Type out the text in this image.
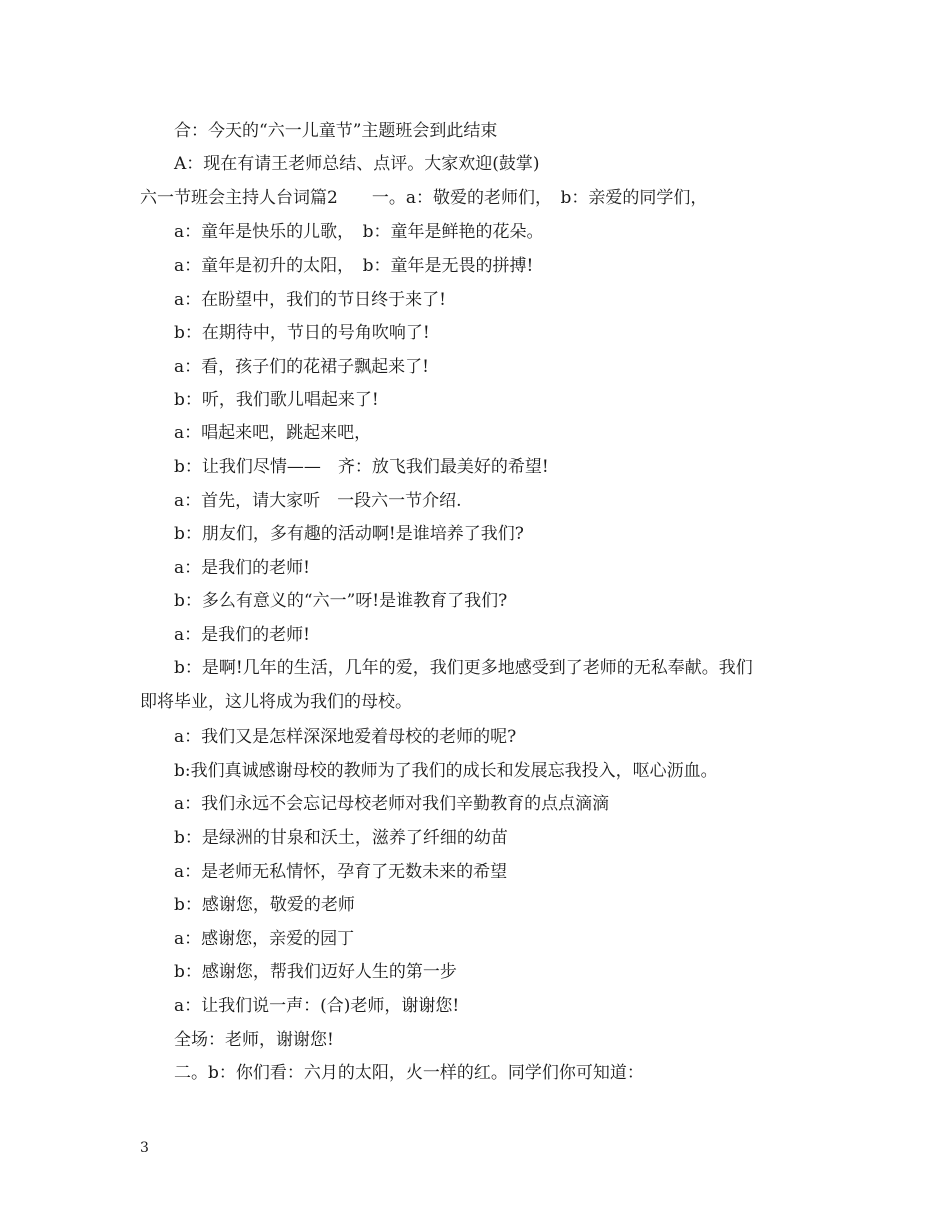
合：今天的“六一儿童节”主题班会到此结束
A：现在有请王老师总结、点评。大家欢迎(鼓掌)
六一节班会主持人台词篇2　　一。a：敬爱的老师们，　b：亲爱的同学们，
a：童年是快乐的儿歌，　b：童年是鲜艳的花朵。
a：童年是初升的太阳，　b：童年是无畏的拼搏!
a：在盼望中，我们的节日终于来了!
b：在期待中，节日的号角吹响了!
a：看，孩子们的花裙子飘起来了!
b：听，我们歌儿唱起来了!
a：唱起来吧，跳起来吧，
b：让我们尽情——　齐：放飞我们最美好的希望!
a：首先，请大家听　一段六一节介绍.
b：朋友们，多有趣的活动啊!是谁培养了我们?
a：是我们的老师!
b：多么有意义的“六一”呀!是谁教育了我们?
a：是我们的老师!
b：是啊!几年的生活，几年的爱，我们更多地感受到了老师的无私奉献。我们
即将毕业，这儿将成为我们的母校。
a：我们又是怎样深深地爱着母校的老师的呢?
b:我们真诚感谢母校的教师为了我们的成长和发展忘我投入，呕心沥血。
a：我们永远不会忘记母校老师对我们辛勤教育的点点滴滴
b：是绿洲的甘泉和沃土，滋养了纤细的幼苗
a：是老师无私情怀，孕育了无数未来的希望
b：感谢您，敬爱的老师
a：感谢您，亲爱的园丁
b：感谢您，帮我们迈好人生的第一步
a：让我们说一声：(合)老师，谢谢您!
全场：老师，谢谢您!
二。b：你们看：六月的太阳，火一样的红。同学们你可知道：
3
